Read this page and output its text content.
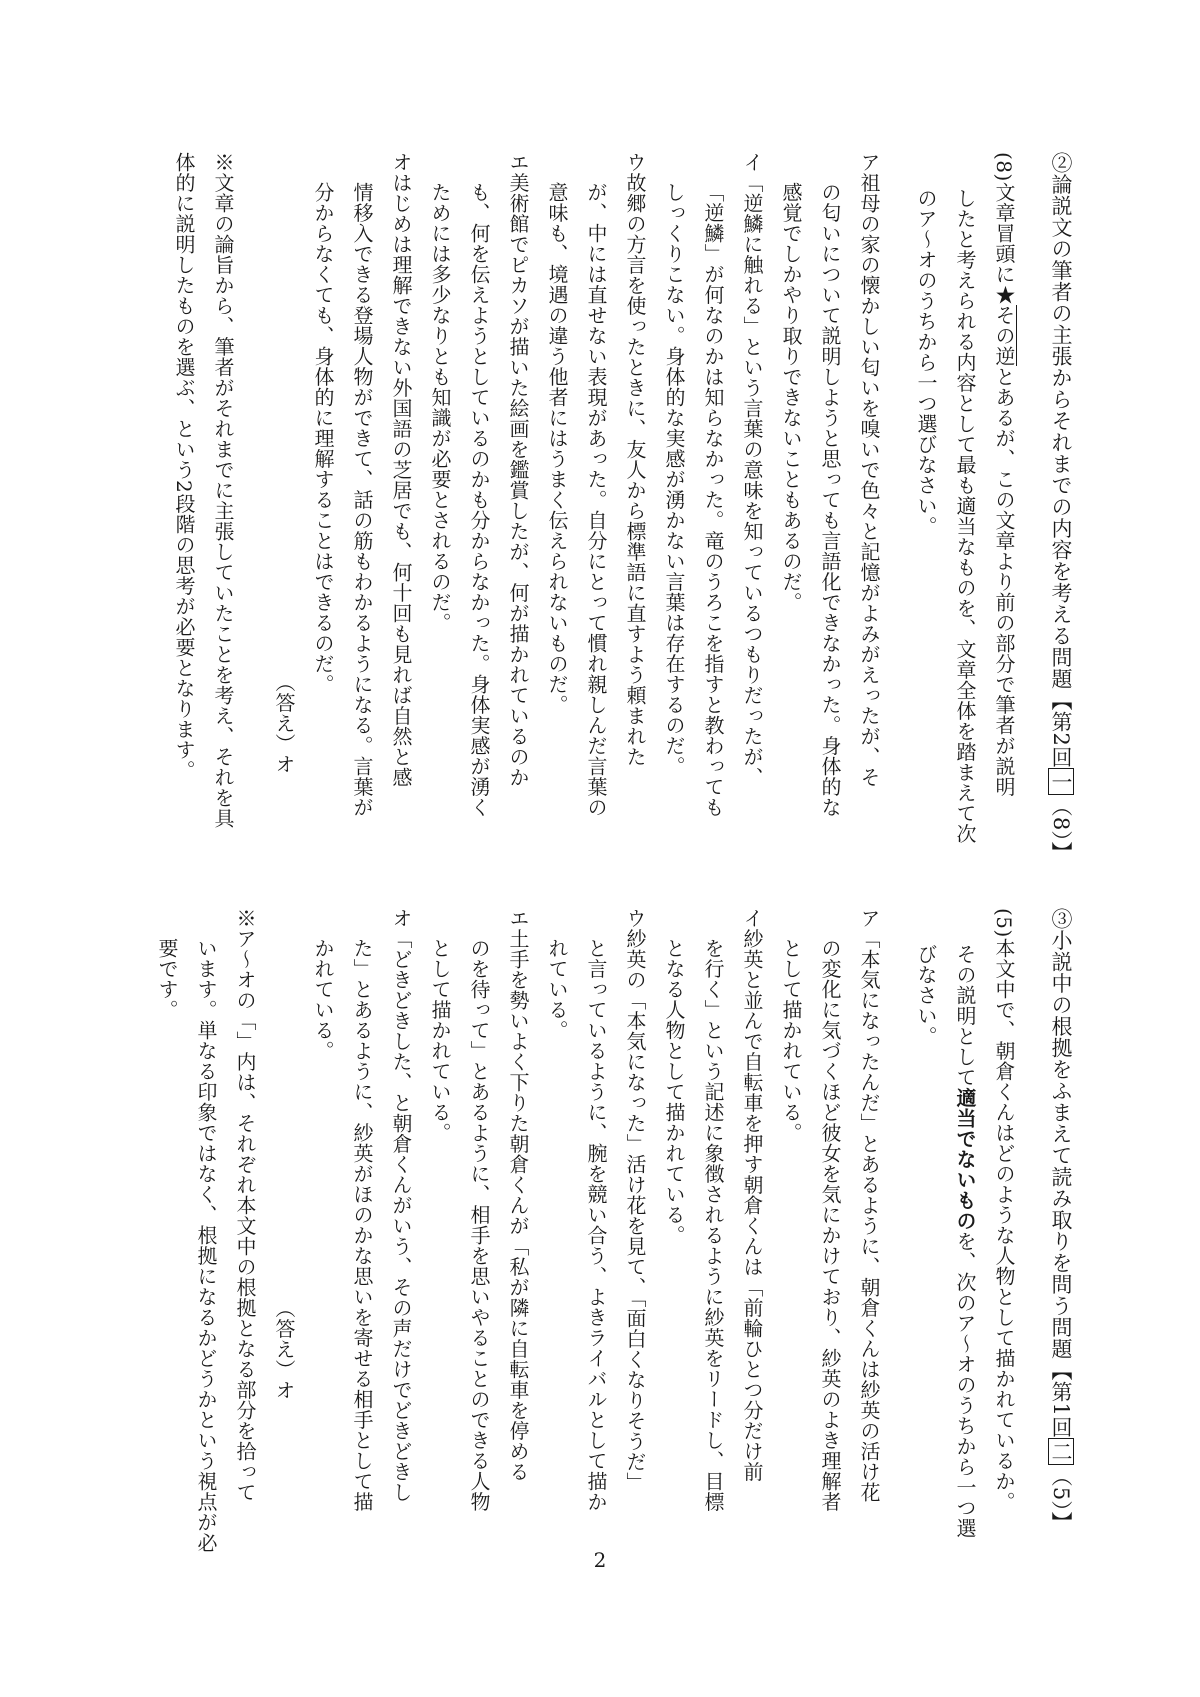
②論説文の筆者の主張からそれまでの内容を考える問題【第2回一（8）】
(8)文章冒頭に★その逆とあるが、この文章より前の部分で筆者が説明
したと考えられる内容として最も適当なものを、文章全体を踏まえて次
のア～オのうちから一つ選びなさい。
ア祖母の家の懐かしい匂いを嗅いで色々と記憶がよみがえったが、そ
の匂いについて説明しようと思っても言語化できなかった。身体的な
感覚でしかやり取りできないこともあるのだ。
イ「逆鱗に触れる」という言葉の意味を知っているつもりだったが、
「逆鱗」が何なのかは知らなかった。竜のうろこを指すと教わっても
しっくりこない。身体的な実感が湧かない言葉は存在するのだ。
ウ故郷の方言を使ったときに、友人から標準語に直すよう頼まれた
が、中には直せない表現があった。自分にとって慣れ親しんだ言葉の
意味も、境遇の違う他者にはうまく伝えられないものだ。
エ美術館でピカソが描いた絵画を鑑賞したが、何が描かれているのか
も、何を伝えようとしているのかも分からなかった。身体実感が湧く
ためには多少なりとも知識が必要とされるのだ。
オはじめは理解できない外国語の芝居でも、何十回も見れば自然と感
情移入できる登場人物ができて、話の筋もわかるようになる。言葉が
分からなくても、身体的に理解することはできるのだ。
（答え）オ
※文章の論旨から、筆者がそれまでに主張していたことを考え、それを具
体的に説明したものを選ぶ、という2段階の思考が必要となります。
③小説中の根拠をふまえて読み取りを問う問題【第1回二（5）】
(5)本文中で、朝倉くんはどのような人物として描かれているか。
その説明として適当でないものを、次のア～オのうちから一つ選
びなさい。
ア「本気になったんだ」とあるように、朝倉くんは紗英の活け花
の変化に気づくほど彼女を気にかけており、紗英のよき理解者
として描かれている。
イ紗英と並んで自転車を押す朝倉くんは「前輪ひとつ分だけ前
を行く」という記述に象徴されるように紗英をリードし、目標
となる人物として描かれている。
ウ紗英の「本気になった」活け花を見て、「面白くなりそうだ」
と言っているように、腕を競い合う、よきライバルとして描か
れている。
エ土手を勢いよく下りた朝倉くんが「私が隣に自転車を停める
のを待って」とあるように、相手を思いやることのできる人物
として描かれている。
オ「どきどきした、と朝倉くんがいう、その声だけでどきどきし
た」とあるように、紗英がほのかな思いを寄せる相手として描
かれている。
（答え）オ
※ア～オの「」内は、それぞれ本文中の根拠となる部分を拾って
います。単なる印象ではなく、根拠になるかどうかという視点が必
要です。
2
